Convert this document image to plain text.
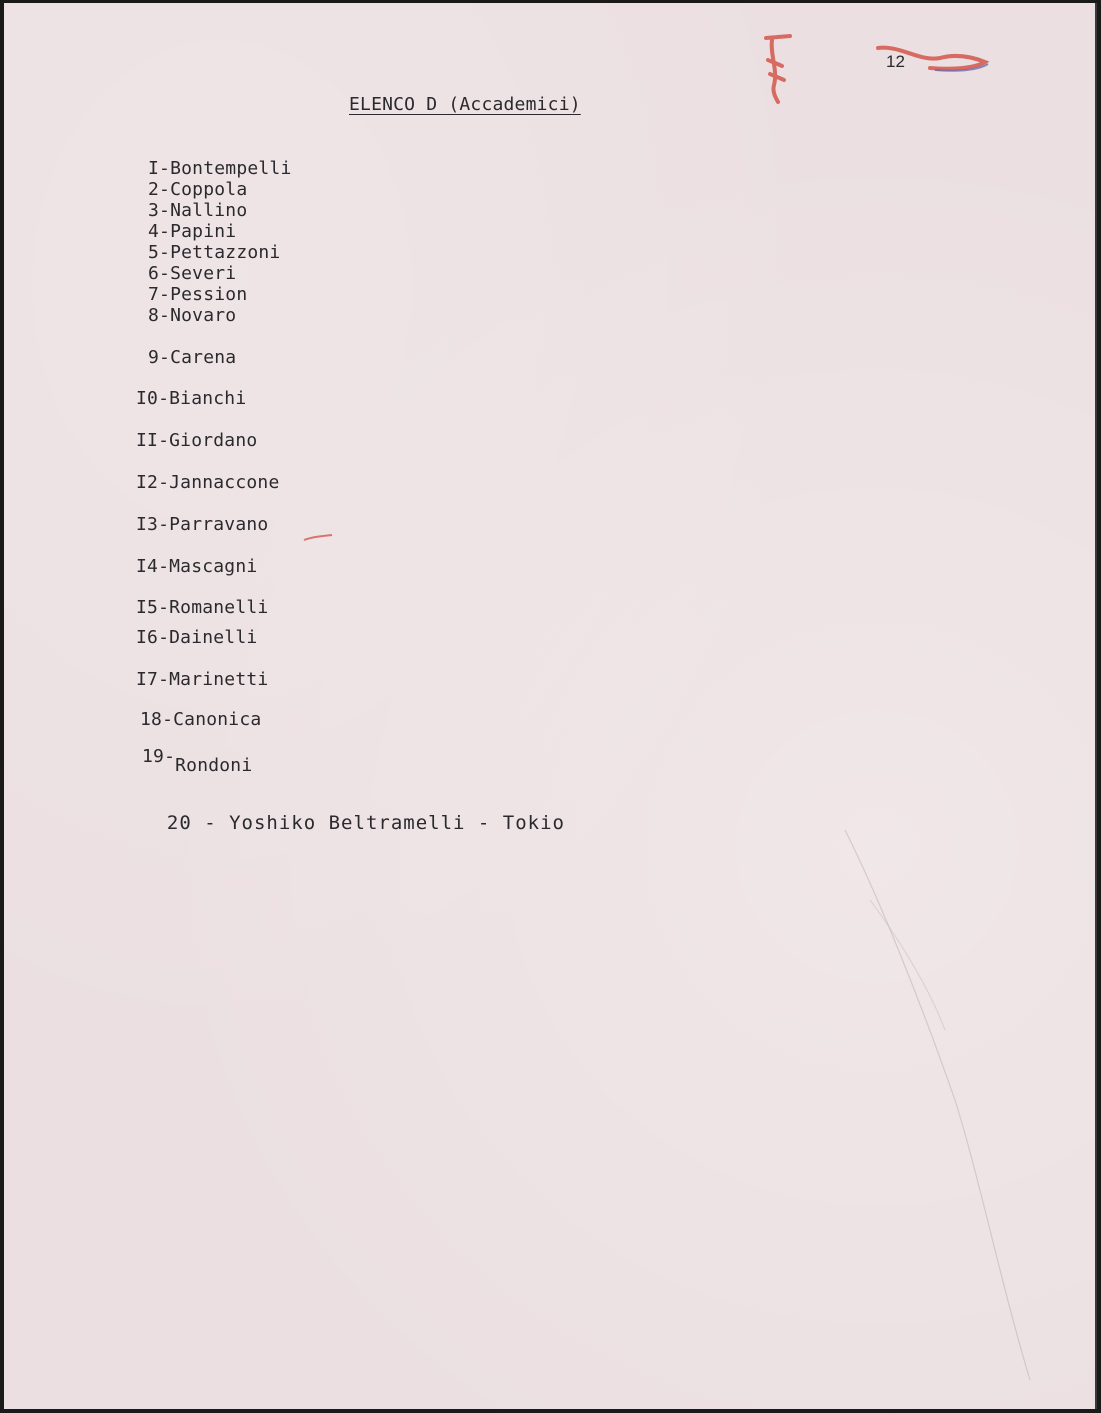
12
ELENCO D (Accademici)
I-Bontempelli
2-Coppola
3-Nallino
4-Papini
5-Pettazzoni
6-Severi
7-Pession
8-Novaro
9-Carena
I0-Bianchi
II-Giordano
I2-Jannaccone
I3-Parravano
I4-Mascagni
I5-Romanelli
I6-Dainelli
I7-Marinetti
18-Canonica
19-Rondoni

20 - Yoshiko Beltramelli - Tokio
